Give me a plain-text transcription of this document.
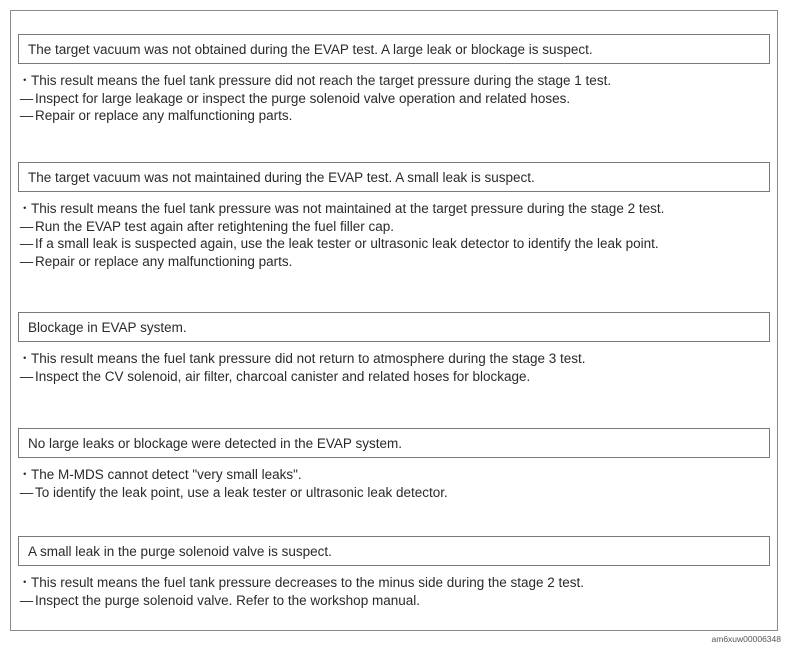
The target vacuum was not obtained during the EVAP test. A large leak or blockage is suspect.
・This result means the fuel tank pressure did not reach the target pressure during the stage 1 test.
— Inspect for large leakage or inspect the purge solenoid valve operation and related hoses.
— Repair or replace any malfunctioning parts.
The target vacuum was not maintained during the EVAP test. A small leak is suspect.
・This result means the fuel tank pressure was not maintained at the target pressure during the stage 2 test.
— Run the EVAP test again after retightening the fuel filler cap.
— If a small leak is suspected again, use the leak tester or ultrasonic leak detector to identify the leak point.
— Repair or replace any malfunctioning parts.
Blockage in EVAP system.
・This result means the fuel tank pressure did not return to atmosphere during the stage 3 test.
— Inspect the CV solenoid, air filter, charcoal canister and related hoses for blockage.
No large leaks or blockage were detected in the EVAP system.
・The M-MDS cannot detect "very small leaks".
— To identify the leak point, use a leak tester or ultrasonic leak detector.
A small leak in the purge solenoid valve is suspect.
・This result means the fuel tank pressure decreases to the minus side during the stage 2 test.
— Inspect the purge solenoid valve. Refer to the workshop manual.
am6xuw00006348
